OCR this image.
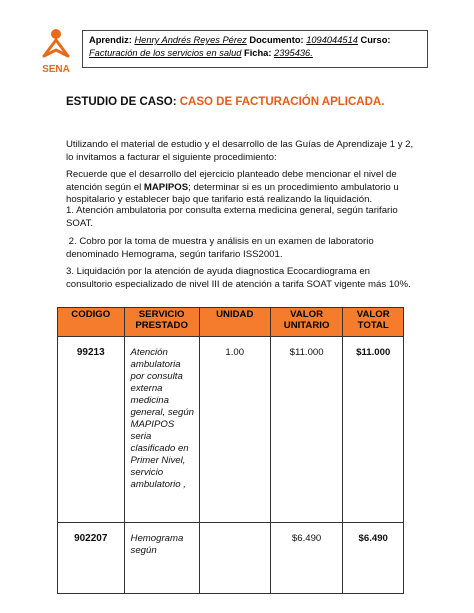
SENA
Aprendiz: Henry Andrés Reyes Pérez Documento: 1094044514 Curso: Facturación de los servicios en salud Ficha: 2395436.
ESTUDIO DE CASO: CASO DE FACTURACIÓN APLICADA.
Utilizando el material de estudio y el desarrollo de las Guías de Aprendizaje 1 y 2, lo invitamos a facturar el siguiente procedimiento:
Recuerde que el desarrollo del ejercicio planteado debe mencionar el nivel de atención según el MAPIPOS; determinar si es un procedimiento ambulatorio u hospitalario y establecer bajo que tarifario está realizando la liquidación.
1. Atención ambulatoria por consulta externa medicina general, según tarifario SOAT.
2. Cobro por la toma de muestra y análisis en un examen de laboratorio denominado Hemograma, según tarifario ISS2001.
3. Liquidación por la atención de ayuda diagnostica Ecocardiograma en consultorio especializado de nivel III de atención a tarifa SOAT vigente más 10%.
CODIGO	SERVICIO PRESTADO	UNIDAD	VALOR UNITARIO	VALOR TOTAL
99213	Atención ambulatoria por consulta externa medicina general, según MAPIPOS seria clasificado en Primer Nivel, servicio ambulatorio ,	1.00	$11.000	$11.000
902207	Hemograma según		$6.490	$6.490
